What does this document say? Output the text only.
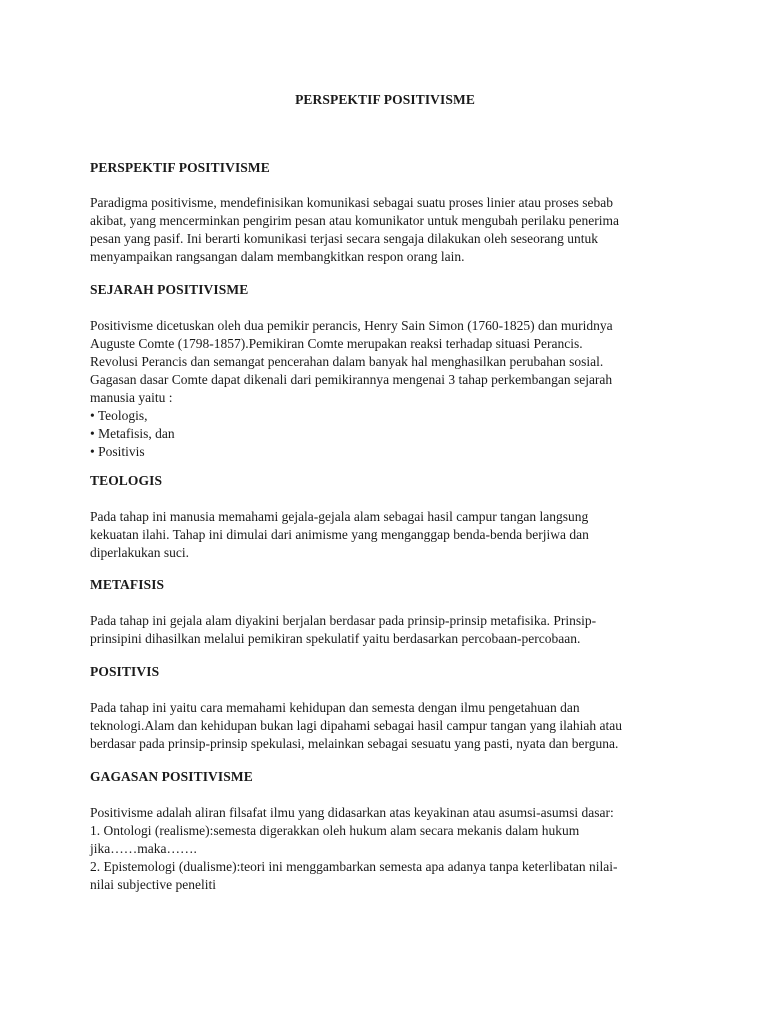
PERSPEKTIF POSITIVISME
PERSPEKTIF POSITIVISME
Paradigma positivisme, mendefinisikan komunikasi sebagai suatu proses linier atau proses sebab
akibat, yang mencerminkan pengirim pesan atau komunikator untuk mengubah perilaku penerima
pesan yang pasif. Ini berarti komunikasi terjasi secara sengaja dilakukan oleh seseorang untuk
menyampaikan rangsangan dalam membangkitkan respon orang lain.
SEJARAH POSITIVISME
Positivisme dicetuskan oleh dua pemikir perancis, Henry Sain Simon (1760-1825) dan muridnya
Auguste Comte (1798-1857).Pemikiran Comte merupakan reaksi terhadap situasi Perancis.
Revolusi Perancis dan semangat pencerahan dalam banyak hal menghasilkan perubahan sosial.
Gagasan dasar Comte dapat dikenali dari pemikirannya mengenai 3 tahap perkembangan sejarah
manusia yaitu :
• Teologis,
• Metafisis, dan
• Positivis
TEOLOGIS
Pada tahap ini manusia memahami gejala-gejala alam sebagai hasil campur tangan langsung
kekuatan ilahi. Tahap ini dimulai dari animisme yang menganggap benda-benda berjiwa dan
diperlakukan suci.
METAFISIS
Pada tahap ini gejala alam diyakini berjalan berdasar pada prinsip-prinsip metafisika. Prinsip-
prinsipini dihasilkan melalui pemikiran spekulatif yaitu berdasarkan percobaan-percobaan.
POSITIVIS
Pada tahap ini yaitu cara memahami kehidupan dan semesta dengan ilmu pengetahuan dan
teknologi.Alam dan kehidupan bukan lagi dipahami sebagai hasil campur tangan yang ilahiah atau
berdasar pada prinsip-prinsip spekulasi, melainkan sebagai sesuatu yang pasti, nyata dan berguna.
GAGASAN POSITIVISME
Positivisme adalah aliran filsafat ilmu yang didasarkan atas keyakinan atau asumsi-asumsi dasar:
1. Ontologi (realisme):semesta digerakkan oleh hukum alam secara mekanis dalam hukum
jika……maka…….
2. Epistemologi (dualisme):teori ini menggambarkan semesta apa adanya tanpa keterlibatan nilai-
nilai subjective peneliti
